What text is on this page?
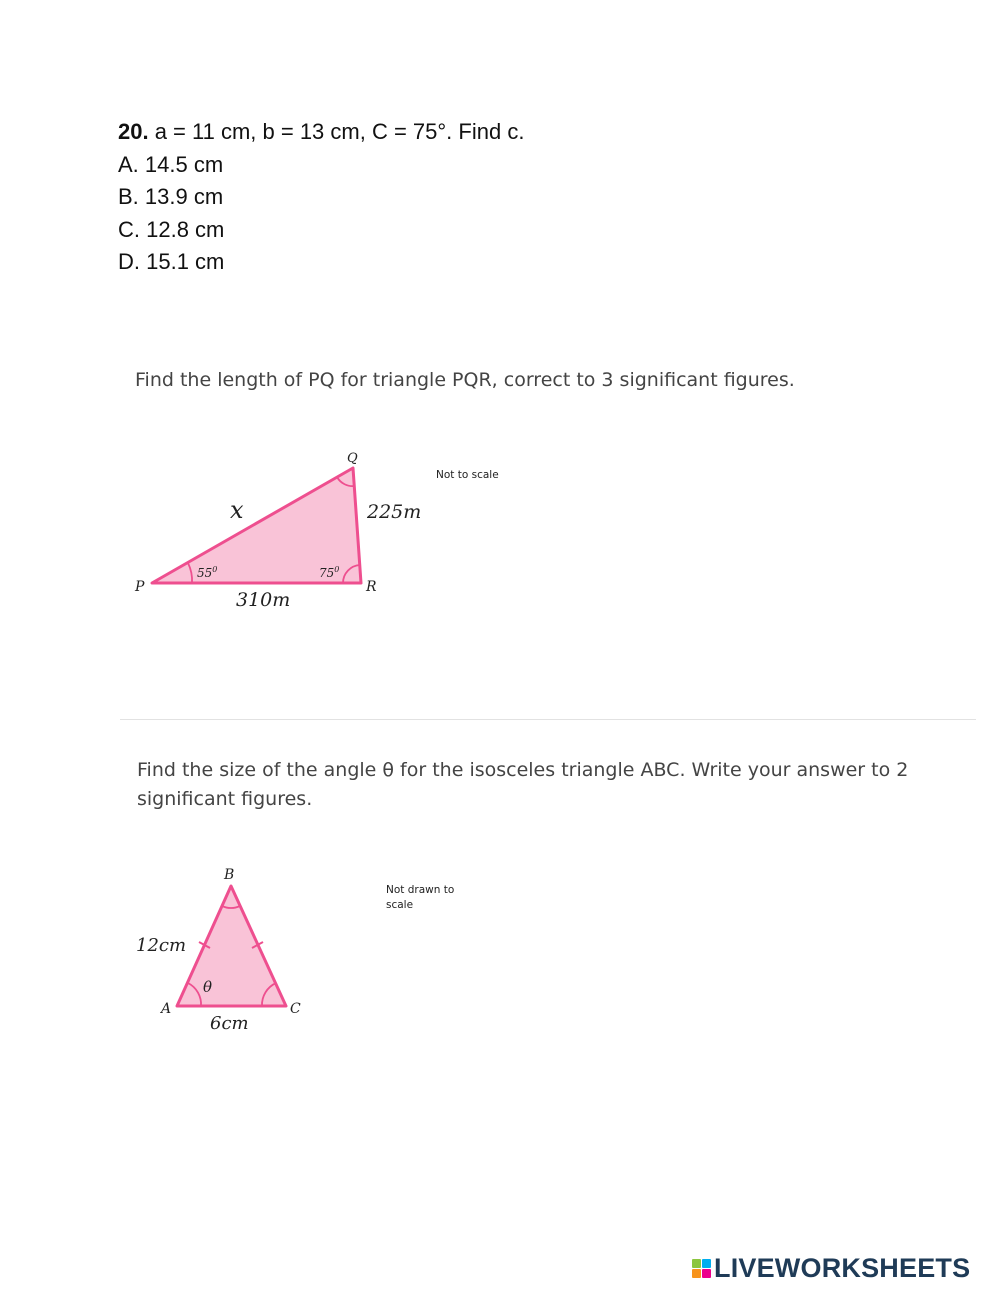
20. a = 11 cm, b = 13 cm, C = 75°. Find c.
A. 14.5 cm
B. 13.9 cm
C. 12.8 cm
D. 15.1 cm
Find the length of PQ for triangle PQR, correct to 3 significant figures.
Not to scale
Find the size of the angle θ for the isosceles triangle ABC. Write your answer to 2 significant figures.
Not drawn to scale
P
Q
R
x	225m
310m
$55^0$	$75^0$
A
B
C
12cm
6cm
θ
LIVEWORKSHEETS
